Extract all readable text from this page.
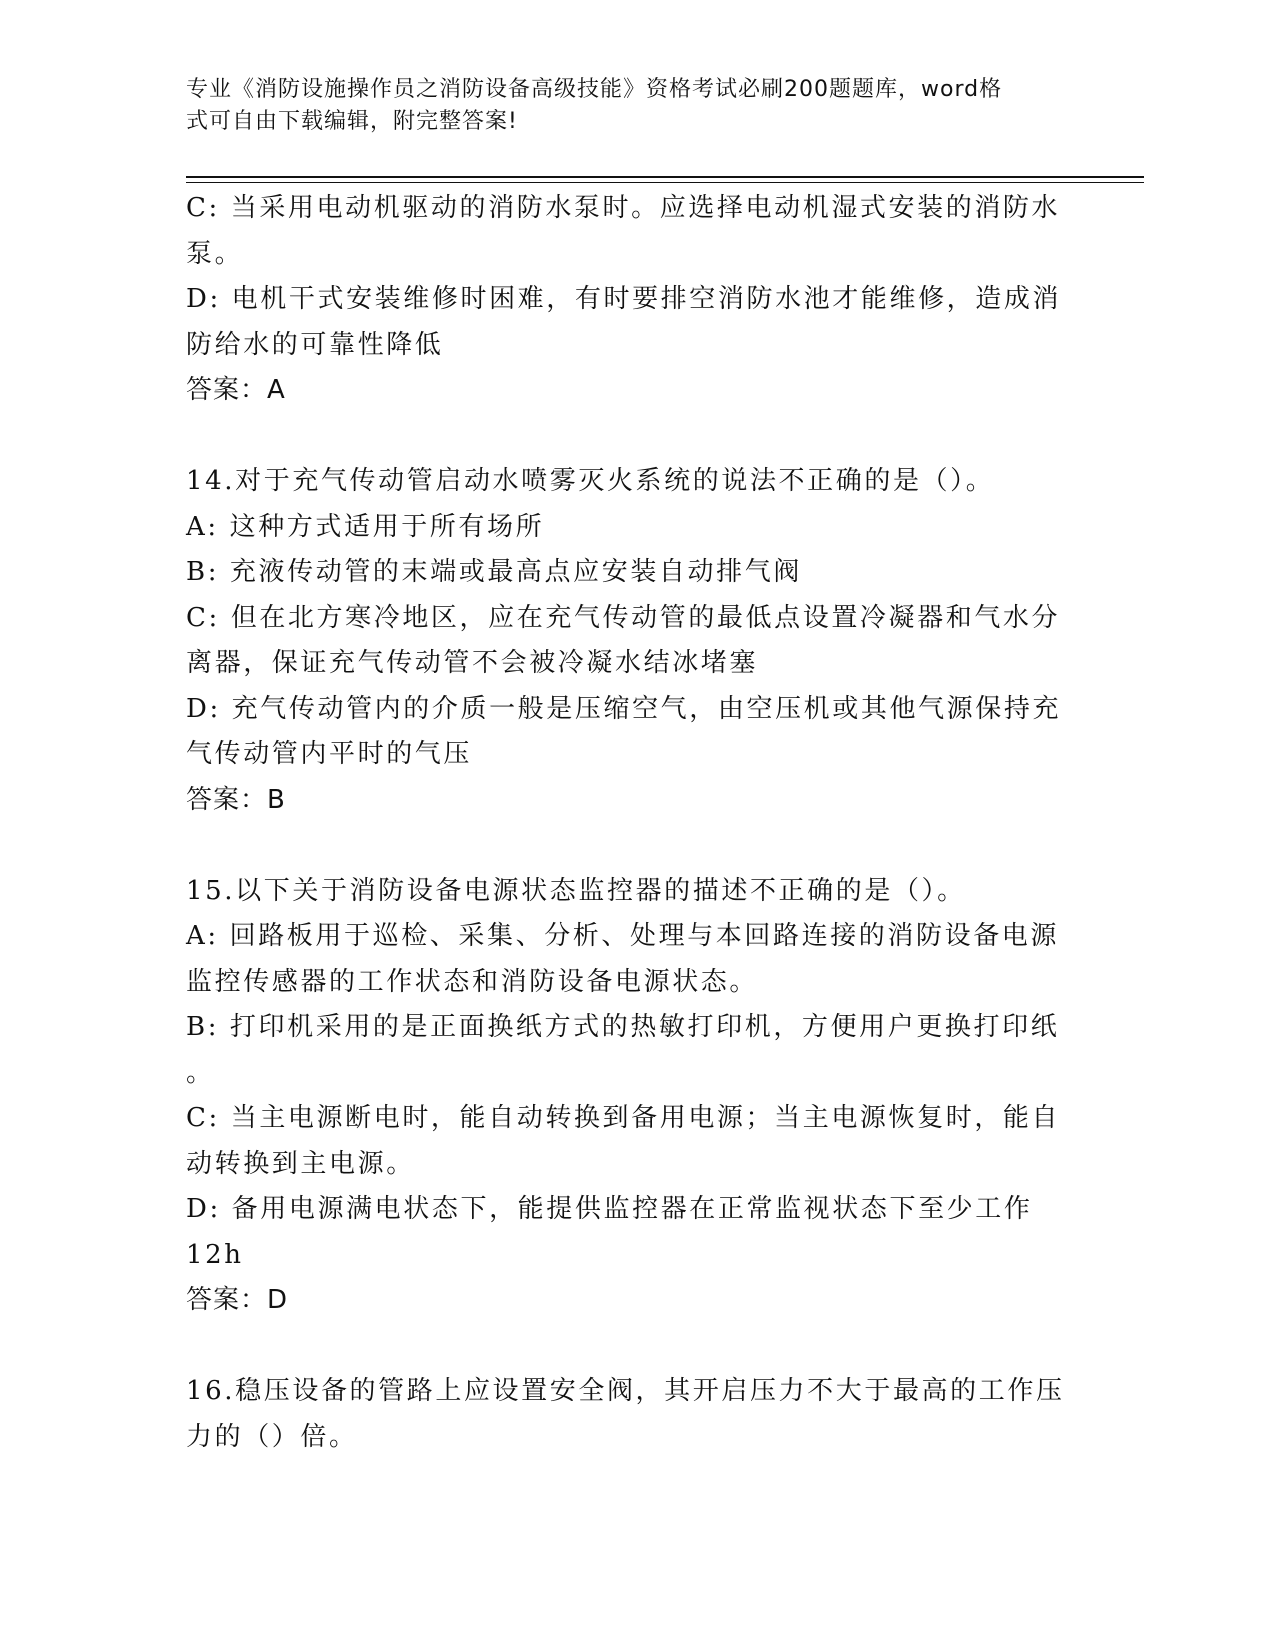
专业《消防设施操作员之消防设备高级技能》资格考试必刷200题题库，word格

式可自由下载编辑，附完整答案!

C: 当采用电动机驱动的消防水泵时。应选择电动机湿式安装的消防水

泵。

D: 电机干式安装维修时困难，有时要排空消防水池才能维修，造成消

防给水的可靠性降低

答案：A

14.对于充气传动管启动水喷雾灭火系统的说法不正确的是（）。

A: 这种方式适用于所有场所

B: 充液传动管的末端或最高点应安装自动排气阀

C: 但在北方寒冷地区，应在充气传动管的最低点设置冷凝器和气水分

离器，保证充气传动管不会被冷凝水结冰堵塞

D: 充气传动管内的介质一般是压缩空气，由空压机或其他气源保持充

气传动管内平时的气压

答案：B

15.以下关于消防设备电源状态监控器的描述不正确的是（）。

A: 回路板用于巡检、采集、分析、处理与本回路连接的消防设备电源

监控传感器的工作状态和消防设备电源状态。

B: 打印机采用的是正面换纸方式的热敏打印机，方便用户更换打印纸

。

C: 当主电源断电时，能自动转换到备用电源；当主电源恢复时，能自

动转换到主电源。

D: 备用电源满电状态下，能提供监控器在正常监视状态下至少工作

12h

答案：D

16.稳压设备的管路上应设置安全阀，其开启压力不大于最高的工作压

力的（）倍。
